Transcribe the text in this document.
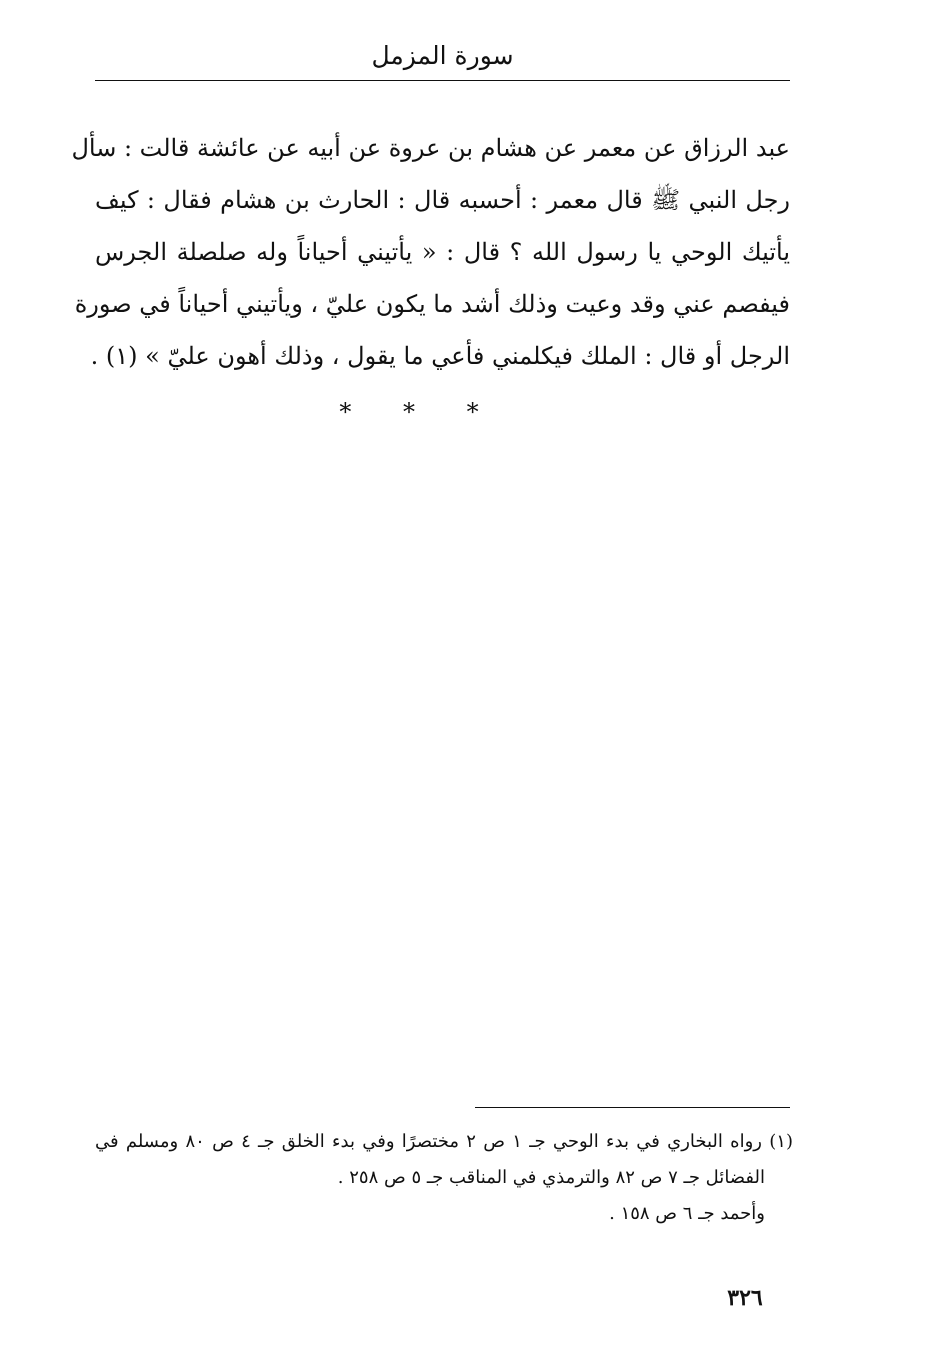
سورة المزمل
عبد الرزاق عن معمر عن هشام بن عروة عن أبيه عن عائشة قالت : سأل
رجل النبي ﷺ قال معمر : أحسبه قال : الحارث بن هشام فقال : كيف
يأتيك الوحي يا رسول الله ؟ قال : « يأتيني أحياناً وله صلصلة الجرس
فيفصم عني وقد وعيت وذلك أشد ما يكون عليّ ، ويأتيني أحياناً في صورة
الرجل أو قال : الملك فيكلمني فأعي ما يقول ، وذلك أهون عليّ » (١) .
* * *
(١) رواه البخاري في بدء الوحي جـ ١ ص ٢ مختصرًا وفي بدء الخلق جـ ٤ ص ٨٠ ومسلم في
الفضائل جـ ٧ ص ٨٢ والترمذي في المناقب جـ ٥ ص ٢٥٨ .
وأحمد جـ ٦ ص ١٥٨ .
٣٢٦
